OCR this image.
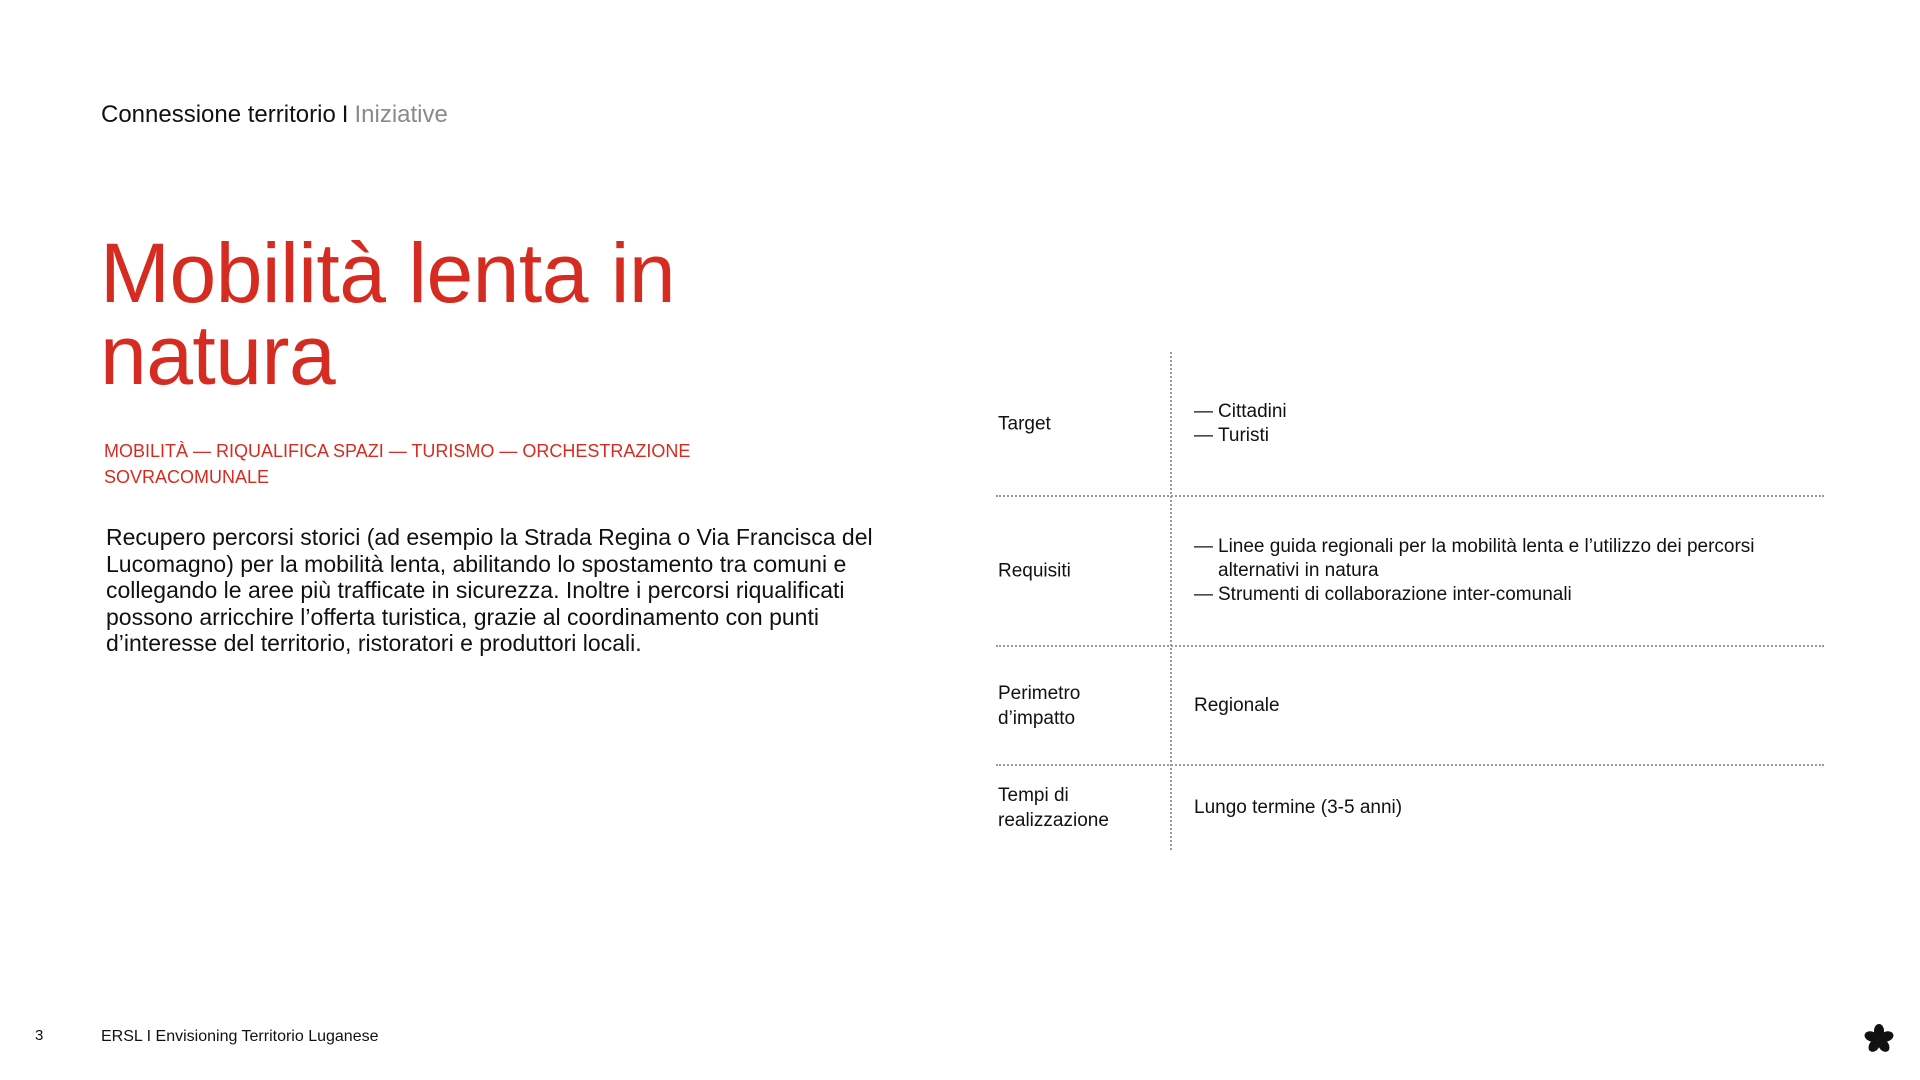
Connessione territorio I Iniziative
Mobilità lenta in
natura
MOBILITÀ — RIQUALIFICA SPAZI — TURISMO — ORCHESTRAZIONE
SOVRACOMUNALE
Recupero percorsi storici (ad esempio la Strada Regina o Via Francisca del Lucomagno) per la mobilità lenta, abilitando lo spostamento tra comuni e collegando le aree più trafficate in sicurezza. Inoltre i percorsi riqualificati possono arricchire l’offerta turistica, grazie al coordinamento con punti d’interesse del territorio, ristoratori e produttori locali.
Target
— Cittadini
— Turisti
Requisiti
— Linee guida regionali per la mobilità lenta e l’utilizzo dei percorsi alternativi in natura
— Strumenti di collaborazione inter-comunali
Perimetro
d’impatto
Regionale
Tempi di
realizzazione
Lungo termine (3-5 anni)
3	ERSL I Envisioning Territorio Luganese
